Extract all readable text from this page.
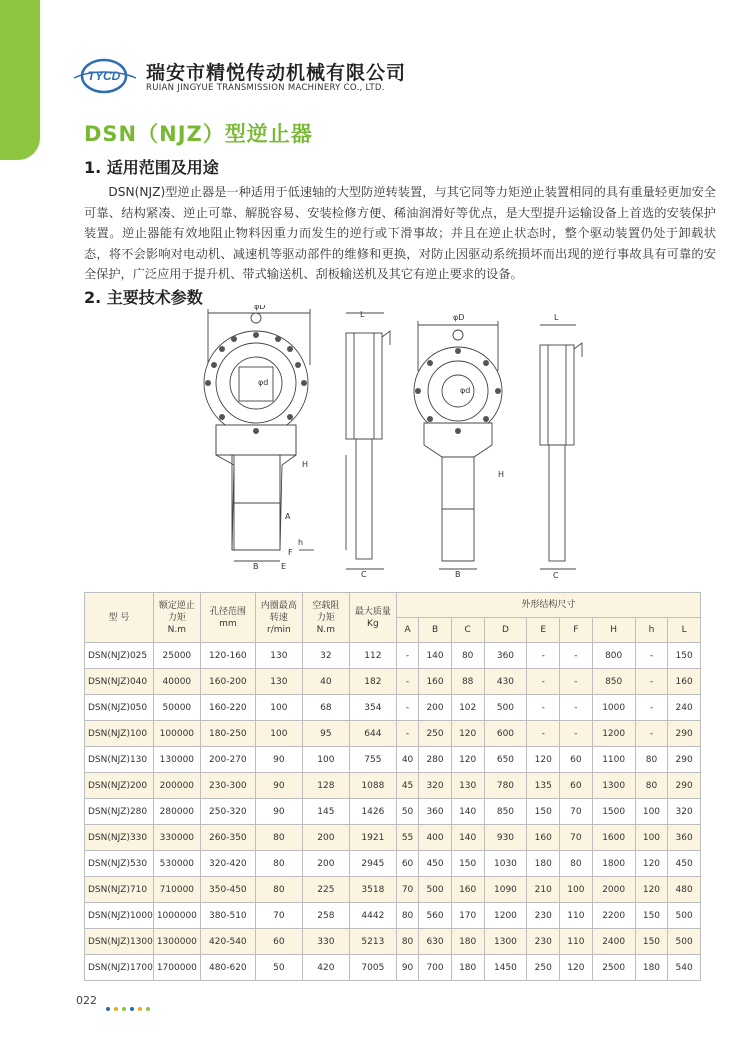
TYCD 瑞安市精悦传动机械有限公司
RUIAN JINGYUE TRANSMISSION MACHINERY CO., LTD.
DSN（NJZ）型逆止器
1. 适用范围及用途
DSN(NJZ)型逆止器是一种适用于低速轴的大型防逆转装置，与其它同等力矩逆止装置相同的具有重量轻更加安全可靠、结构紧凑、逆止可靠、解脱容易、安装检修方便、稀油润滑好等优点，是大型提升运输设备上首选的安装保护装置。逆止器能有效地阻止物料因重力而发生的逆行或下滑事故；并且在逆止状态时，整个驱动装置仍处于卸载状态，将不会影响对电动机、减速机等驱动部件的维修和更换，对防止因驱动系统损坏而出现的逆行事故具有可靠的安全保护，广泛应用于提升机、带式输送机、刮板输送机及其它有逆止要求的设备。
2. 主要技术参数	φD
φd
B	E
F
h
A
H
L
C
φD
φd
H
B
L
C
型 号	额定逆止
力矩
N.m	孔径范围
mm	内圈最高
转速
r/min	空载阻
力矩
N.m	最大质量
Kg	外形结构尺寸								
						A	B	C	D	E	F	H	h	L
DSN(NJZ)025	25000	120-160	130	32	112	-	140	80	360	-	-	800	-	150
DSN(NJZ)040	40000	160-200	130	40	182	-	160	88	430	-	-	850	-	160
DSN(NJZ)050	50000	160-220	100	68	354	-	200	102	500	-	-	1000	-	240
DSN(NJZ)100	100000	180-250	100	95	644	-	250	120	600	-	-	1200	-	290
DSN(NJZ)130	130000	200-270	90	100	755	40	280	120	650	120	60	1100	80	290
DSN(NJZ)200	200000	230-300	90	128	1088	45	320	130	780	135	60	1300	80	290
DSN(NJZ)280	280000	250-320	90	145	1426	50	360	140	850	150	70	1500	100	320
DSN(NJZ)330	330000	260-350	80	200	1921	55	400	140	930	160	70	1600	100	360
DSN(NJZ)530	530000	320-420	80	200	2945	60	450	150	1030	180	80	1800	120	450
DSN(NJZ)710	710000	350-450	80	225	3518	70	500	160	1090	210	100	2000	120	480
DSN(NJZ)1000	1000000	380-510	70	258	4442	80	560	170	1200	230	110	2200	150	500
DSN(NJZ)1300	1300000	420-540	60	330	5213	80	630	180	1300	230	110	2400	150	500
DSN(NJZ)1700	1700000	480-620	50	420	7005	90	700	180	1450	250	120	2500	180	540
022
